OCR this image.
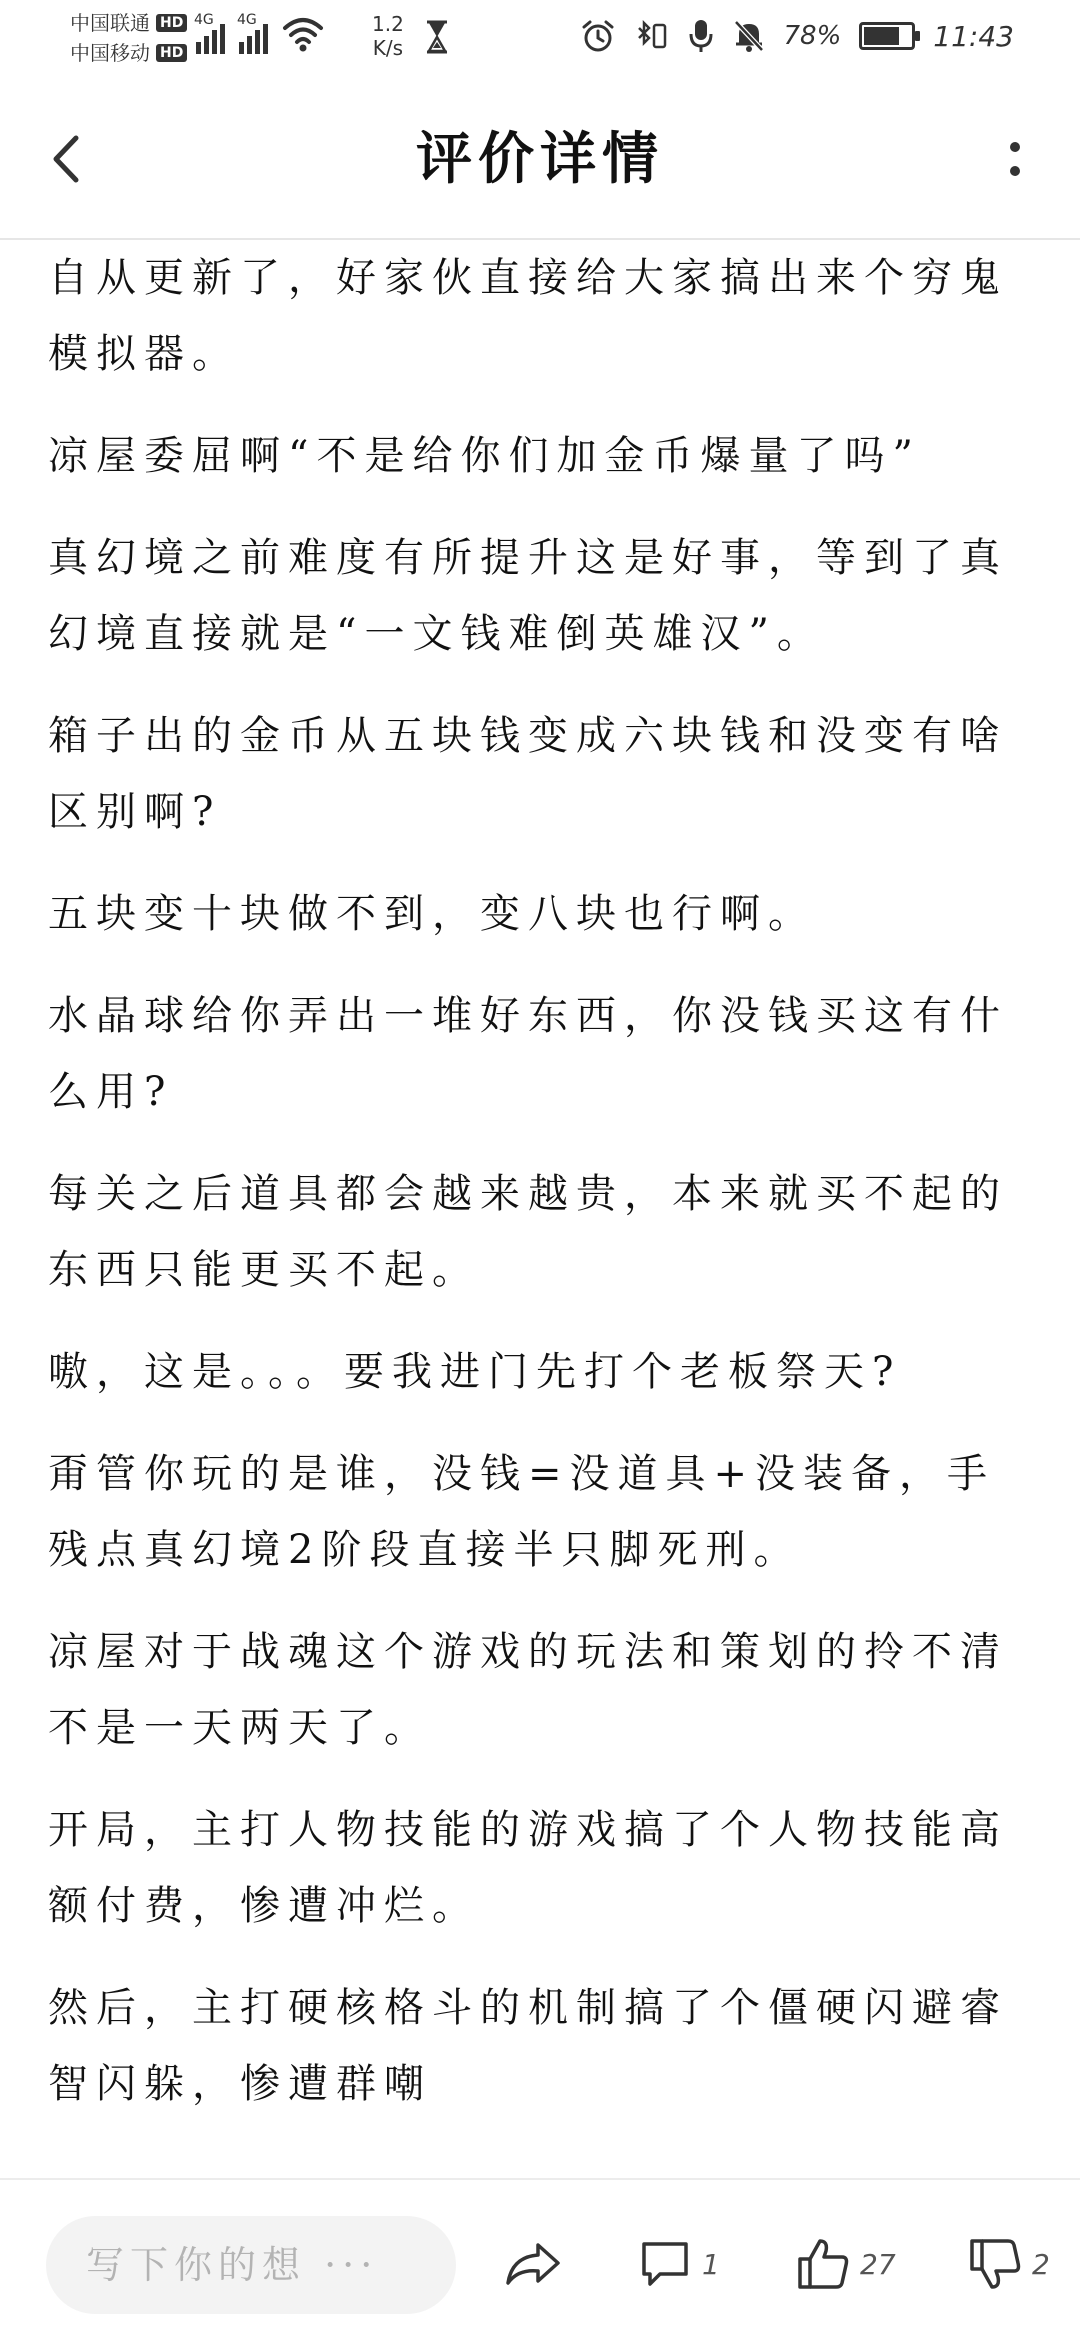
中国联通 HD
中国移动 HD
4G 4G	1.2
K/s	78%	11:43
评价详情

自从更新了，好家伙直接给大家搞出来个穷鬼模拟器。

凉屋委屈啊“不是给你们加金币爆量了吗”

真幻境之前难度有所提升这是好事，等到了真幻境直接就是“一文钱难倒英雄汉”。

箱子出的金币从五块钱变成六块钱和没变有啥区别啊?

五块变十块做不到，变八块也行啊。

水晶球给你弄出一堆好东西，你没钱买这有什么用?

每关之后道具都会越来越贵，本来就买不起的东西只能更买不起。

嗷，这是。。。要我进门先打个老板祭天?

甭管你玩的是谁，没钱=没道具+没装备，手残点真幻境2阶段直接半只脚死刑。

凉屋对于战魂这个游戏的玩法和策划的拎不清不是一天两天了。

开局，主打人物技能的游戏搞了个人物技能高额付费，惨遭冲烂。

然后，主打硬核格斗的机制搞了个僵硬闪避睿智闪躲，惨遭群嘲

写下你的想 ···
1	27	2
